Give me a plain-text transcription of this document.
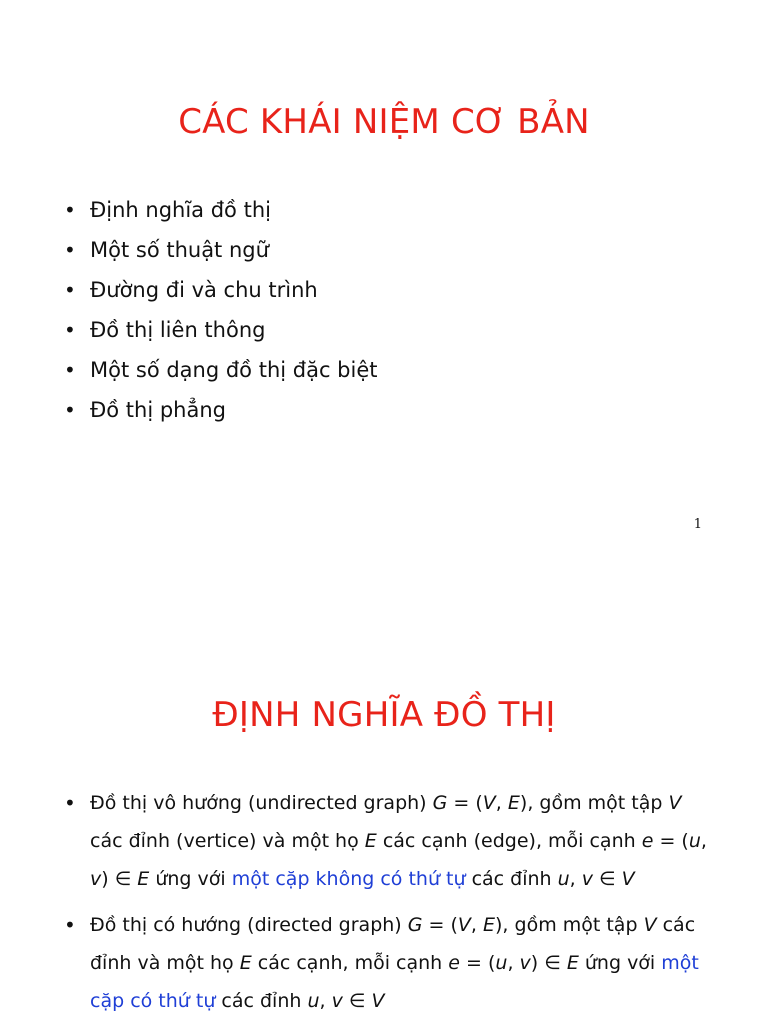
CÁC KHÁI NIỆM CƠ BẢN
• Định nghĩa đồ thị
• Một số thuật ngữ
• Đường đi và chu trình
• Đồ thị liên thông
• Một số dạng đồ thị đặc biệt
• Đồ thị phẳng
1
ĐỊNH NGHĨA ĐỒ THỊ
• Đồ thị vô hướng (undirected graph) G = (V, E), gồm một tập V các đỉnh (vertice) và một họ E các cạnh (edge), mỗi cạnh e = (u, v) ∈ E ứng với một cặp không có thứ tự các đỉnh u, v ∈ V
• Đồ thị có hướng (directed graph) G = (V, E), gồm một tập V các đỉnh và một họ E các cạnh, mỗi cạnh e = (u, v) ∈ E ứng với một cặp có thứ tự các đỉnh u, v ∈ V
